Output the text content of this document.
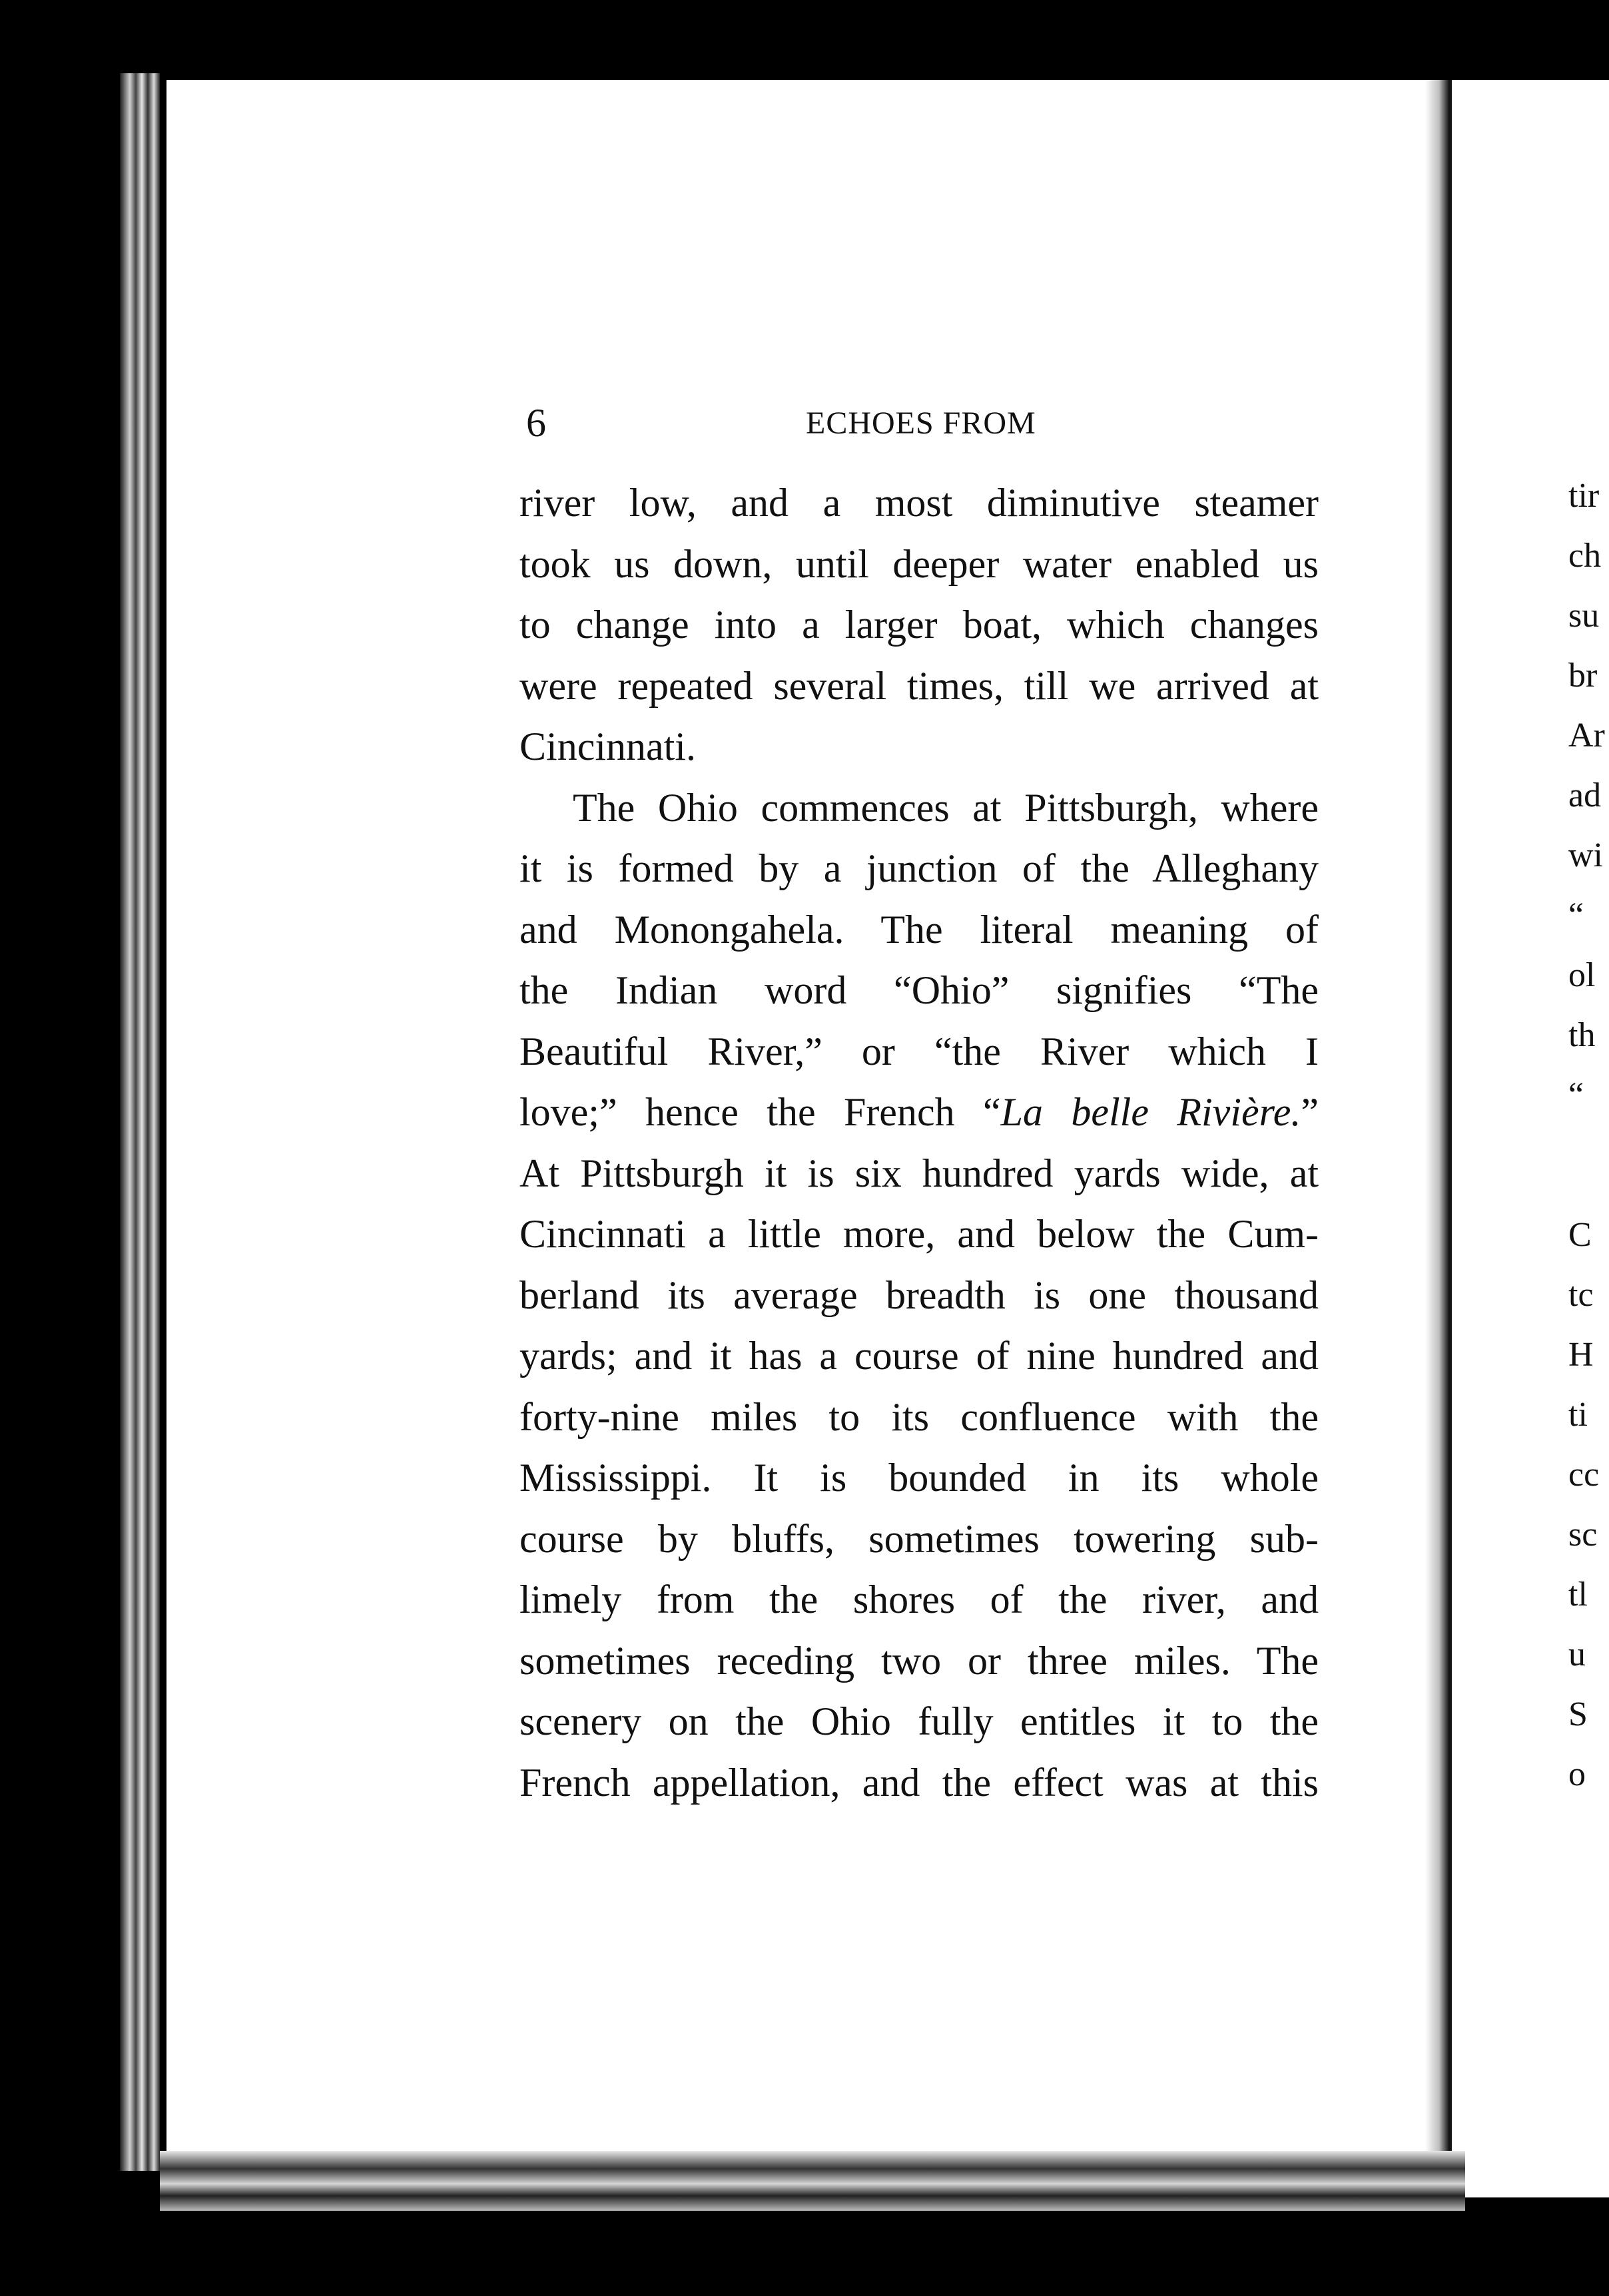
6	ECHOES FROM
river low, and a most diminutive steamer
took us down, until deeper water enabled us
to change into a larger boat, which changes
were repeated several times, till we arrived at
Cincinnati.
The Ohio commences at Pittsburgh, where
it is formed by a junction of the Alleghany
and Monongahela. The literal meaning of
the Indian word “Ohio” signifies “The
Beautiful River,” or “the River which I
love;” hence the French “La belle Rivière.”
At Pittsburgh it is six hundred yards wide, at
Cincinnati a little more, and below the Cum-
berland its average breadth is one thousand
yards; and it has a course of nine hundred and
forty-nine miles to its confluence with the
Mississippi. It is bounded in its whole
course by bluffs, sometimes towering sub-
limely from the shores of the river, and
sometimes receding two or three miles. The
scenery on the Ohio fully entitles it to the
French appellation, and the effect was at this
tir
ch
su
br
Ar
ad
wi
“
ol
th
“
C
tc
H
ti
cc
sc
tl
u
S
o
